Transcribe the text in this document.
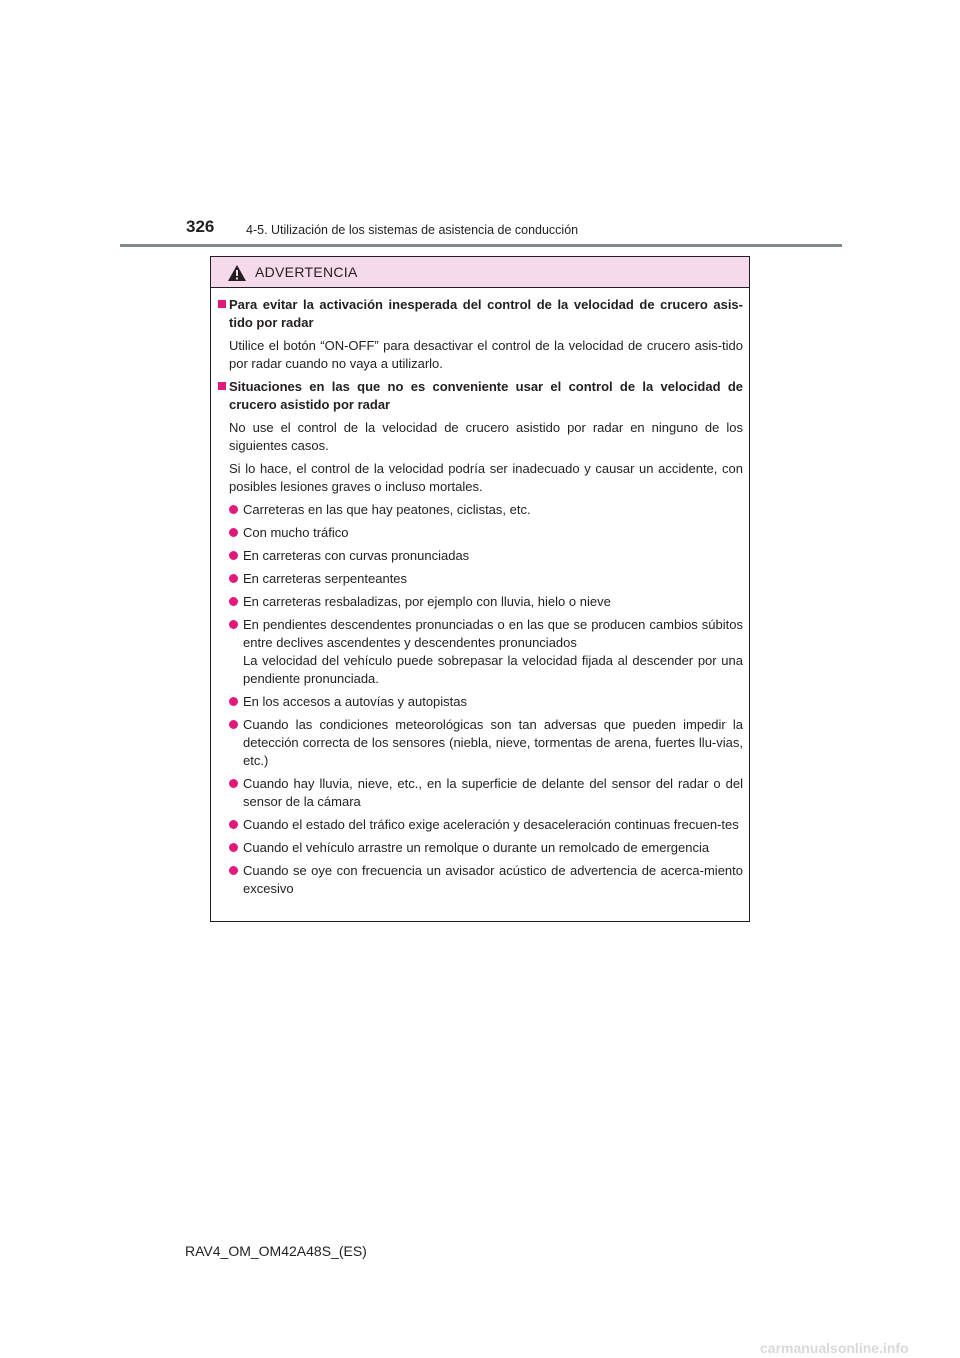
326	4-5. Utilización de los sistemas de asistencia de conducción
ADVERTENCIA
Para evitar la activación inesperada del control de la velocidad de crucero asis-tido por radar
Utilice el botón “ON-OFF” para desactivar el control de la velocidad de crucero asis-tido por radar cuando no vaya a utilizarlo.
Situaciones en las que no es conveniente usar el control de la velocidad de crucero asistido por radar
No use el control de la velocidad de crucero asistido por radar en ninguno de los siguientes casos.
Si lo hace, el control de la velocidad podría ser inadecuado y causar un accidente, con posibles lesiones graves o incluso mortales.
Carreteras en las que hay peatones, ciclistas, etc.
Con mucho tráfico
En carreteras con curvas pronunciadas
En carreteras serpenteantes
En carreteras resbaladizas, por ejemplo con lluvia, hielo o nieve
En pendientes descendentes pronunciadas o en las que se producen cambios súbitos entre declives ascendentes y descendentes pronunciados
La velocidad del vehículo puede sobrepasar la velocidad fijada al descender por una pendiente pronunciada.
En los accesos a autovías y autopistas
Cuando las condiciones meteorológicas son tan adversas que pueden impedir la detección correcta de los sensores (niebla, nieve, tormentas de arena, fuertes llu-vias, etc.)
Cuando hay lluvia, nieve, etc., en la superficie de delante del sensor del radar o del sensor de la cámara
Cuando el estado del tráfico exige aceleración y desaceleración continuas frecuen-tes
Cuando el vehículo arrastre un remolque o durante un remolcado de emergencia
Cuando se oye con frecuencia un avisador acústico de advertencia de acerca-miento excesivo
RAV4_OM_OM42A48S_(ES)
carmanualsonline.info
